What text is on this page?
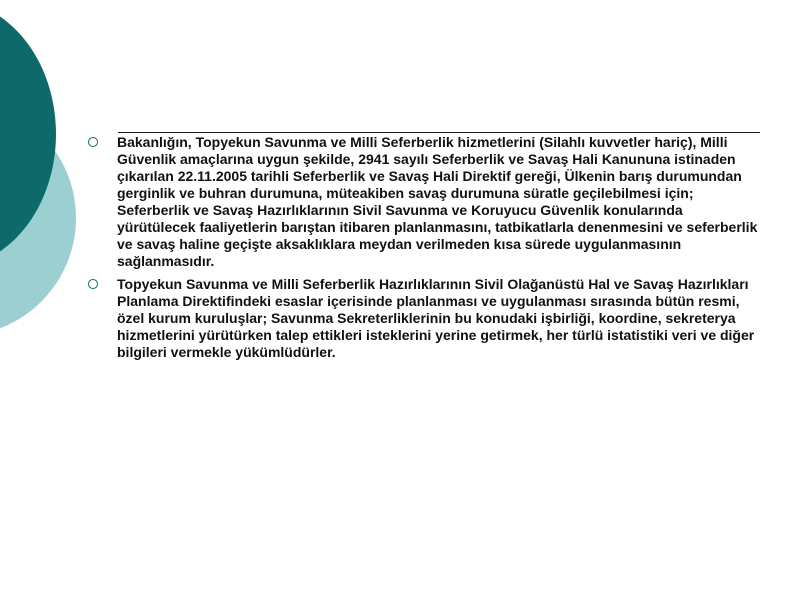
Bakanlığın, Topyekun Savunma ve Milli Seferberlik hizmetlerini (Silahlı kuvvetler hariç), Milli Güvenlik amaçlarına uygun şekilde, 2941 sayılı Seferberlik ve Savaş Hali Kanununa istinaden çıkarılan 22.11.2005 tarihli Seferberlik ve Savaş Hali Direktif gereği, Ülkenin barış durumundan gerginlik ve buhran durumuna, müteakiben savaş durumuna süratle geçilebilmesi için; Seferberlik ve Savaş Hazırlıklarının Sivil Savunma ve Koruyucu Güvenlik konularında yürütülecek faaliyetlerin barıştan itibaren planlanmasını, tatbikatlarla denenmesini ve seferberlik ve savaş haline geçişte aksaklıklara meydan verilmeden kısa sürede uygulanmasının sağlanmasıdır.
Topyekun Savunma ve Milli Seferberlik Hazırlıklarının Sivil Olağanüstü Hal ve Savaş Hazırlıkları Planlama Direktifindeki esaslar içerisinde planlanması ve uygulanması sırasında bütün resmi, özel kurum kuruluşlar; Savunma Sekreterliklerinin bu konudaki işbirliği, koordine, sekreterya hizmetlerini yürütürken talep ettikleri isteklerini yerine getirmek, her türlü istatistiki veri ve diğer bilgileri vermekle yükümlüdürler.
